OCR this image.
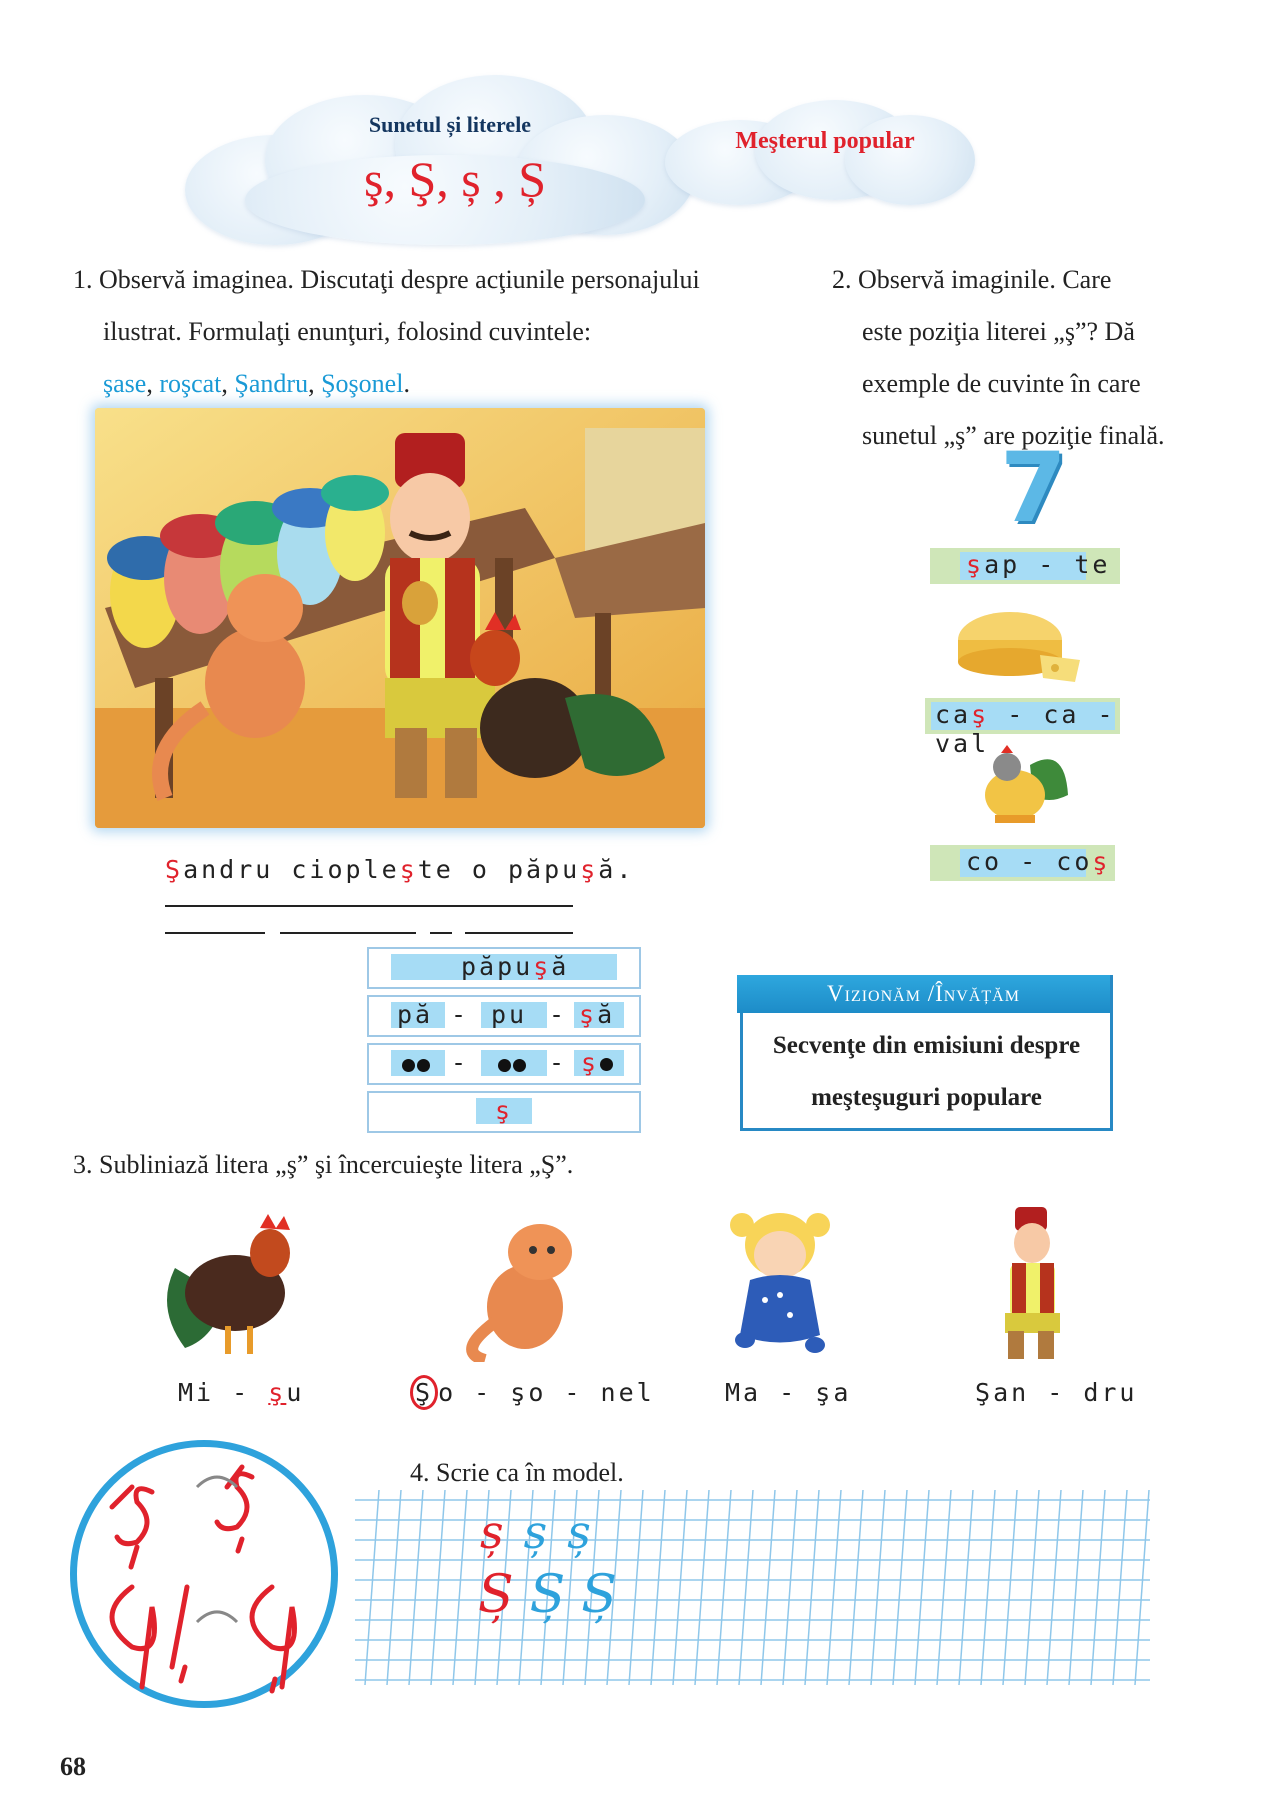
Sunetul și literele
ş, Ş, ș , Ș
Meşterul popular
1. Observă imaginea. Discutaţi despre acţiunile personajului
ilustrat. Formulaţi enunţuri, folosind cuvintele:
şase, roşcat, Şandru, Şoşonel.
2. Observă imaginile. Care
este poziţia literei „ş”? Dă
exemple de cuvinte în care
sunetul „ş” are poziţie finală.
7
şap - te
caş - ca - val
co - coş
Şandru ciopleşte o păpuşă.
păpuşă
pă - pu - şă
-	- ş
ş
Vizionăm /Învățăm
Secvenţe din emisiuni despre
meşteşuguri populare
3. Subliniază litera „ş” şi încercuieşte litera „Ş”.
Mi - şu	Ş o - şo - nel	Ma - şa	Şan - dru
4. Scrie ca în model.
șșș
ȘȘȘ
68
